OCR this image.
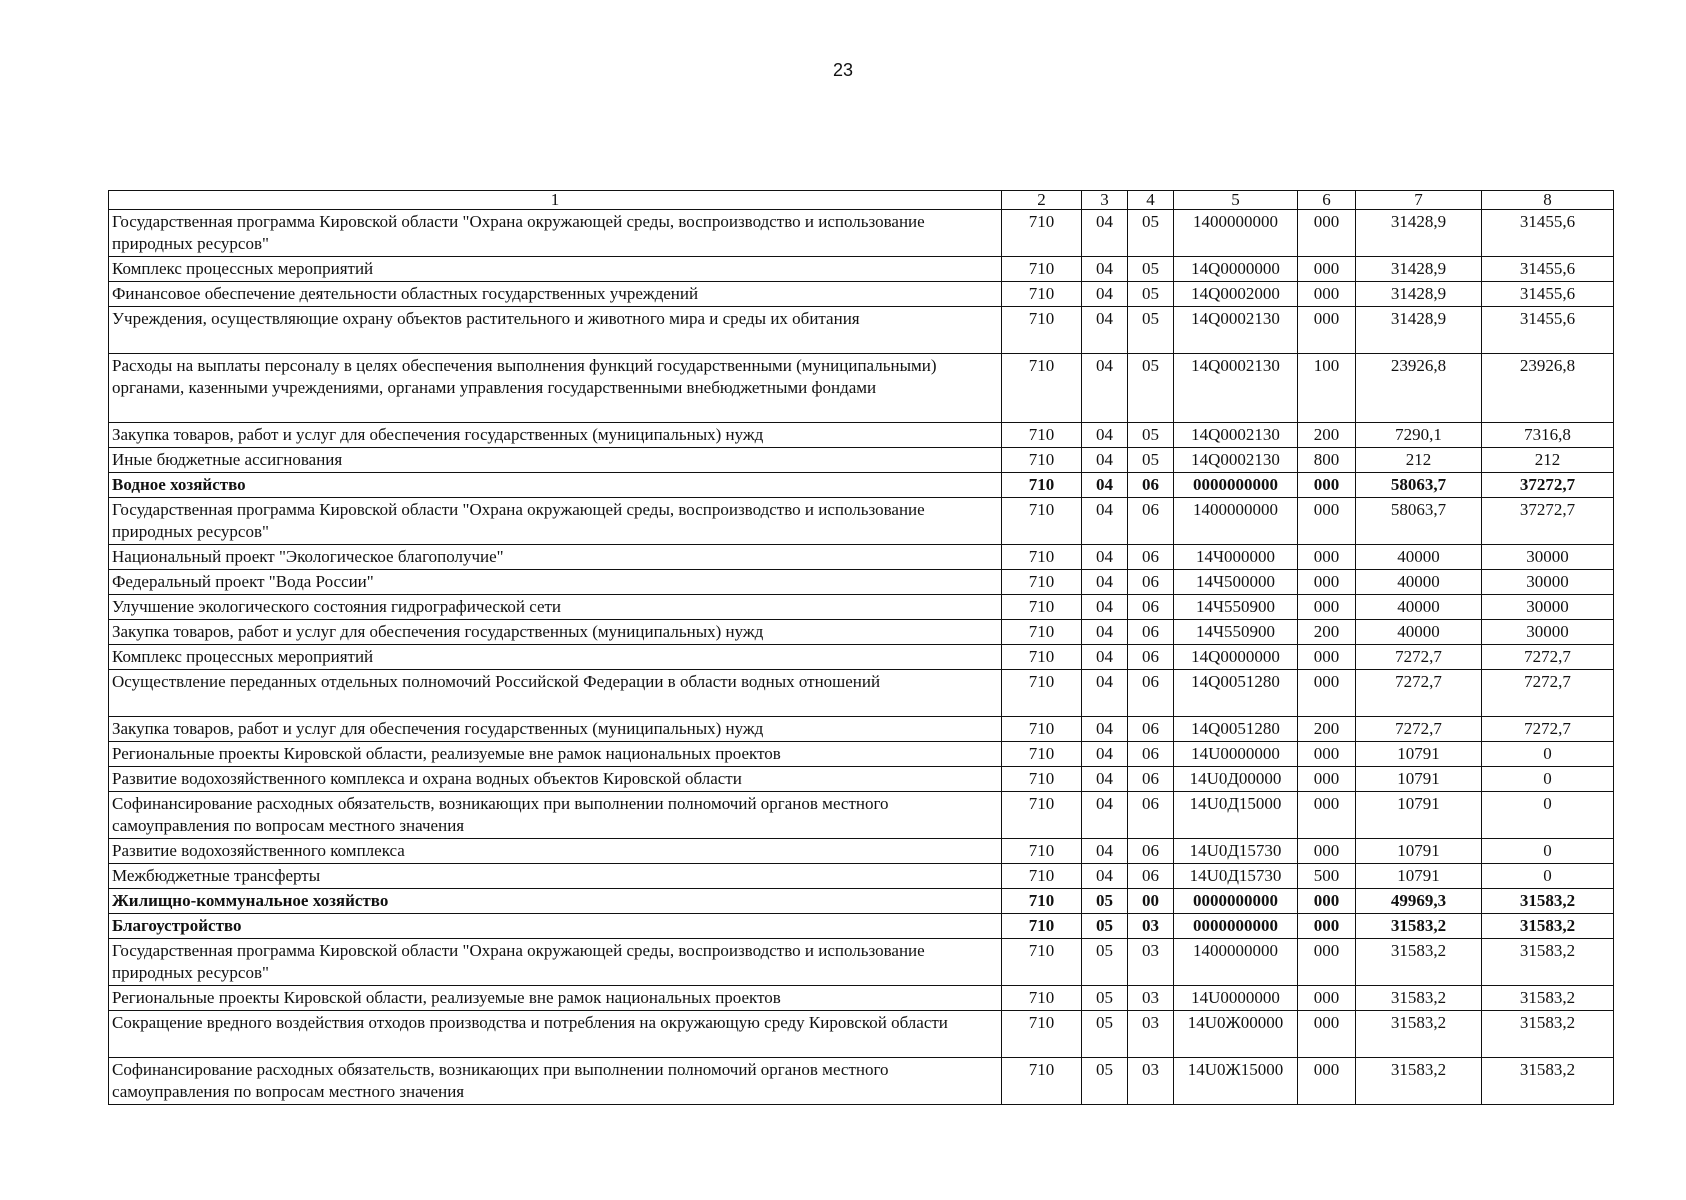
23
1	2	3	4	5	6	7	8
Государственная программа Кировской области "Охрана окружающей среды, воспроизводство и использование природных ресурсов"	710	04	05	1400000000	000	31428,9	31455,6
Комплекс процессных мероприятий	710	04	05	14Q0000000	000	31428,9	31455,6
Финансовое обеспечение деятельности областных государственных учреждений	710	04	05	14Q0002000	000	31428,9	31455,6
Учреждения, осуществляющие охрану объектов растительного и животного мира и среды их обитания	710	04	05	14Q0002130	000	31428,9	31455,6
Расходы на выплаты персоналу в целях обеспечения выполнения функций государственными (муниципальными) органами, казенными учреждениями, органами управления государственными внебюджетными фондами	710	04	05	14Q0002130	100	23926,8	23926,8
Закупка товаров, работ и услуг для обеспечения государственных (муниципальных) нужд	710	04	05	14Q0002130	200	7290,1	7316,8
Иные бюджетные ассигнования	710	04	05	14Q0002130	800	212	212
Водное хозяйство	710	04	06	0000000000	000	58063,7	37272,7
Государственная программа Кировской области "Охрана окружающей среды, воспроизводство и использование природных ресурсов"	710	04	06	1400000000	000	58063,7	37272,7
Национальный проект "Экологическое благополучие"	710	04	06	14Ч000000	000	40000	30000
Федеральный проект "Вода России"	710	04	06	14Ч500000	000	40000	30000
Улучшение экологического состояния гидрографической сети	710	04	06	14Ч550900	000	40000	30000
Закупка товаров, работ и услуг для обеспечения государственных (муниципальных) нужд	710	04	06	14Ч550900	200	40000	30000
Комплекс процессных мероприятий	710	04	06	14Q0000000	000	7272,7	7272,7
Осуществление переданных отдельных полномочий Российской Федерации в области водных отношений	710	04	06	14Q0051280	000	7272,7	7272,7
Закупка товаров, работ и услуг для обеспечения государственных (муниципальных) нужд	710	04	06	14Q0051280	200	7272,7	7272,7
Региональные проекты Кировской области, реализуемые вне рамок национальных проектов	710	04	06	14U0000000	000	10791	0
Развитие водохозяйственного комплекса и охрана водных объектов Кировской области	710	04	06	14U0Д00000	000	10791	0
Софинансирование расходных обязательств, возникающих при выполнении полномочий органов местного самоуправления по вопросам местного значения	710	04	06	14U0Д15000	000	10791	0
Развитие водохозяйственного комплекса	710	04	06	14U0Д15730	000	10791	0
Межбюджетные трансферты	710	04	06	14U0Д15730	500	10791	0
Жилищно-коммунальное хозяйство	710	05	00	0000000000	000	49969,3	31583,2
Благоустройство	710	05	03	0000000000	000	31583,2	31583,2
Государственная программа Кировской области "Охрана окружающей среды, воспроизводство и использование природных ресурсов"	710	05	03	1400000000	000	31583,2	31583,2
Региональные проекты Кировской области, реализуемые вне рамок национальных проектов	710	05	03	14U0000000	000	31583,2	31583,2
Сокращение вредного воздействия отходов производства и потребления на окружающую среду Кировской области	710	05	03	14U0Ж00000	000	31583,2	31583,2
Софинансирование расходных обязательств, возникающих при выполнении полномочий органов местного самоуправления по вопросам местного значения	710	05	03	14U0Ж15000	000	31583,2	31583,2
